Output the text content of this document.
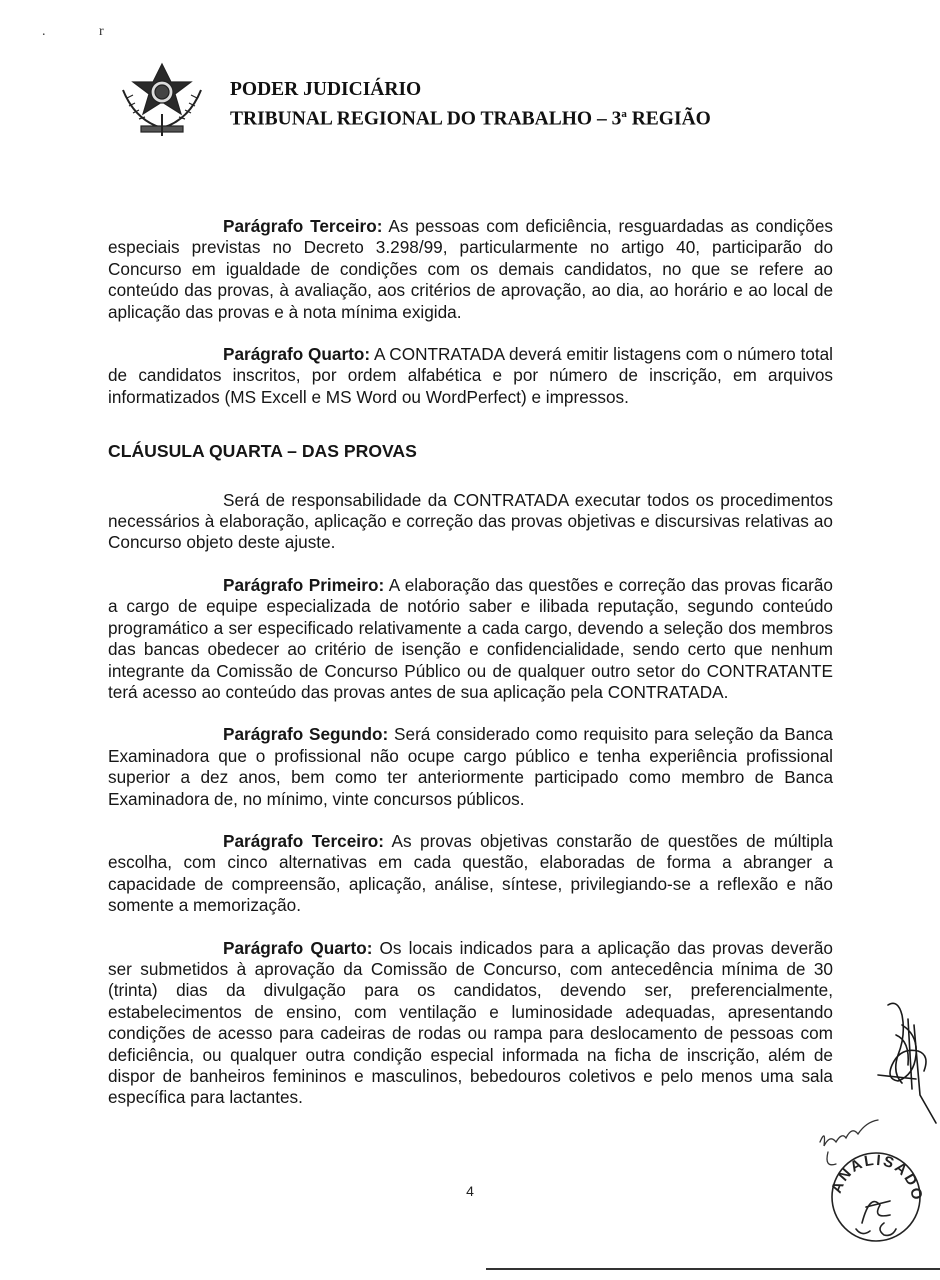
.	r
PODER JUDICIÁRIO
TRIBUNAL REGIONAL DO TRABALHO – 3$^a$ REGIÃO

Parágrafo Terceiro: As pessoas com deficiência, resguardadas as condições especiais previstas no Decreto 3.298/99, particularmente no artigo 40, participarão do Concurso em igualdade de condições com os demais candidatos, no que se refere ao conteúdo das provas, à avaliação, aos critérios de aprovação, ao dia, ao horário e ao local de aplicação das provas e à nota mínima exigida.

Parágrafo Quarto: A CONTRATADA deverá emitir listagens com o número total de candidatos inscritos, por ordem alfabética e por número de inscrição, em arquivos informatizados (MS Excell e MS Word ou WordPerfect) e impressos.

CLÁUSULA QUARTA – DAS PROVAS

Será de responsabilidade da CONTRATADA executar todos os procedimentos necessários à elaboração, aplicação e correção das provas objetivas e discursivas relativas ao Concurso objeto deste ajuste.

Parágrafo Primeiro: A elaboração das questões e correção das provas ficarão a cargo de equipe especializada de notório saber e ilibada reputação, segundo conteúdo programático a ser especificado relativamente a cada cargo, devendo a seleção dos membros das bancas obedecer ao critério de isenção e confidencialidade, sendo certo que nenhum integrante da Comissão de Concurso Público ou de qualquer outro setor do CONTRATANTE terá acesso ao conteúdo das provas antes de sua aplicação pela CONTRATADA.

Parágrafo Segundo: Será considerado como requisito para seleção da Banca Examinadora que o profissional não ocupe cargo público e tenha experiência profissional superior a dez anos, bem como ter anteriormente participado como membro de Banca Examinadora de, no mínimo, vinte concursos públicos.

Parágrafo Terceiro: As provas objetivas constarão de questões de múltipla escolha, com cinco alternativas em cada questão, elaboradas de forma a abranger a capacidade de compreensão, aplicação, análise, síntese, privilegiando-se a reflexão e não somente a memorização.

Parágrafo Quarto: Os locais indicados para a aplicação das provas deverão ser submetidos à aprovação da Comissão de Concurso, com antecedência mínima de 30 (trinta) dias da divulgação para os candidatos, devendo ser, preferencialmente, estabelecimentos de ensino, com ventilação e luminosidade adequadas, apresentando condições de acesso para cadeiras de rodas ou rampa para deslocamento de pessoas com deficiência, ou qualquer outra condição especial informada na ficha de inscrição, além de dispor de banheiros femininos e masculinos, bebedouros coletivos e pelo menos uma sala específica para lactantes.

ANALISADO
4
